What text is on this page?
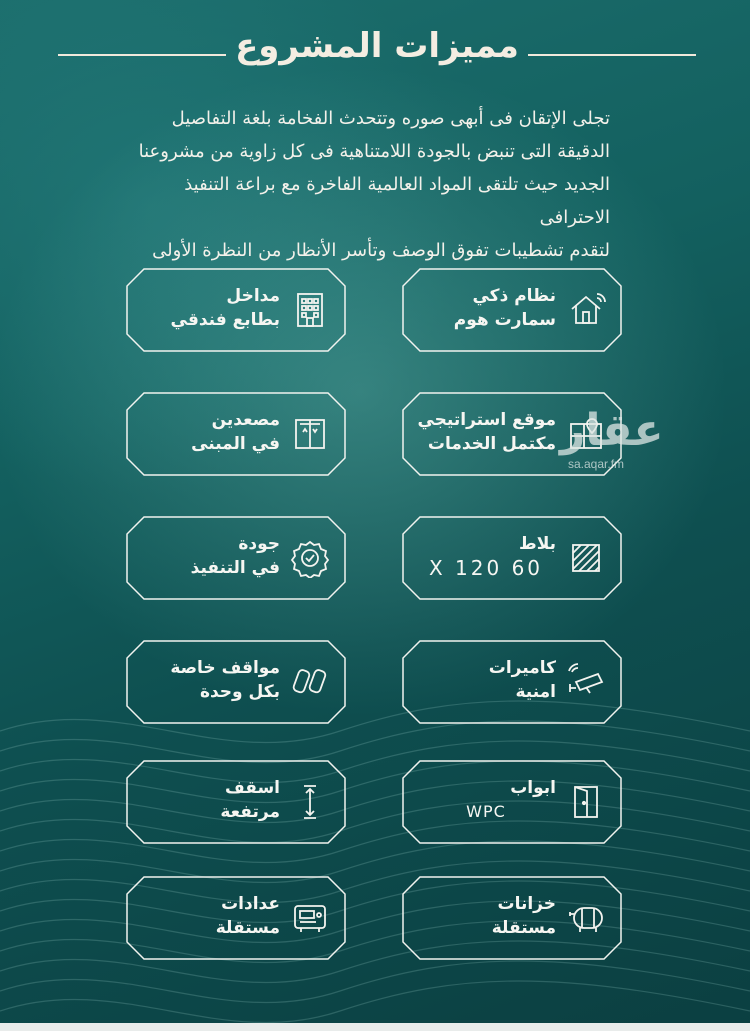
مميزات المشروع
تجلى الإتقان فى أبهى صوره وتتحدث الفخامة بلغة التفاصيل
الدقيقة التى تنبض بالجودة اللامتناهية فى كل زاوية من مشروعنا
الجديد حيث تلتقى المواد العالمية الفاخرة مع براعة التنفيذ الاحترافى
لتقدم تشطيبات تفوق الوصف وتأسر الأنظار من النظرة الأولى
نظام ذكي
سمارت هوم
مداخل
بطابع فندقي
موقع استراتيجي
مكتمل الخدمات
مصعدين
في المبنى
بلاط
60 X 120
جودة
في التنفيذ
كاميرات
امنية
مواقف خاصة
بكل وحدة
ابواب
WPC
اسقف
مرتفعة
خزانات
مستقلة
عدادات
مستقلة
عقار
sa.aqar.fm
